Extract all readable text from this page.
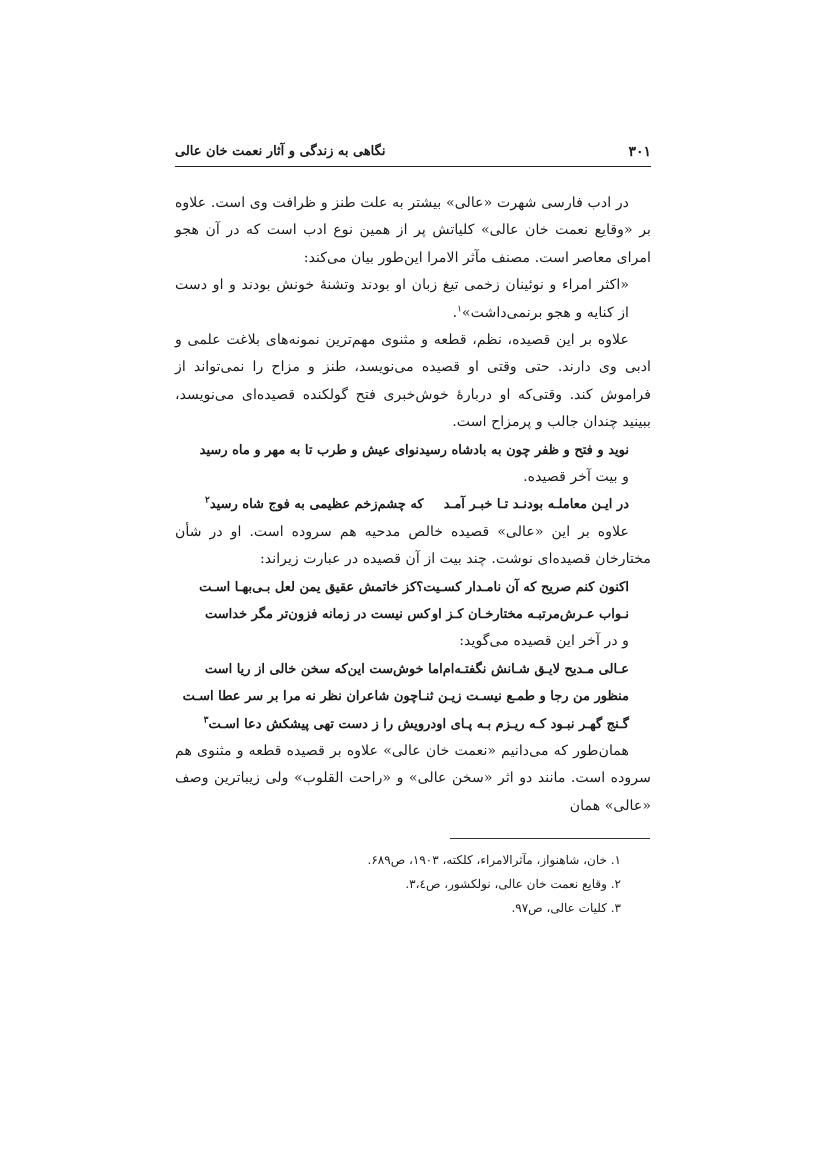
۳۰۱
نگاهی به زندگی و آثار نعمت خان عالی

در ادب فارسی شهرت «عالی» بیشتر به علت طنز و ظرافت وی است. علاوه بر «وقایع نعمت خان عالی» کلیاتش پر از همین نوع ادب است که در آن هجو امرای معاصر است. مصنف مآثر الامرا این‌طور بیان می‌کند:

«اکثر امراء و نوئینان زخمی تیغ زبان او بودند وتشنهٔ خونش بودند و او دست از کنایه و هجو برنمی‌داشت»$^۱$.

علاوه بر این قصیده، نظم، قطعه و مثنوی مهم‌ترین نمونه‌های بلاغت علمی و ادبی وی دارند. حتی وقتی او قصیده می‌نویسد، طنز و مزاح را نمی‌تواند از فراموش کند. وقتی‌که او دربارهٔ خوش‌خبری فتح گولکنده قصیده‌ای می‌نویسد، ببینید چندان جالب و پرمزاح است.

نوید و فتح و ظفر چون به بادشاه رسید
نوای عیش و طرب تا به مهر و ماه رسید

و بیت آخر قصیده.

در ایـن معاملـه بودنـد تـا خبـر آمـد
که چشم‌زخم عظیمی به فوج شاه رسید$^۲$

علاوه بر این «عالی» قصیده خالص مدحیه هم سروده است. او در شأن مختارخان قصیده‌ای نوشت. چند بیت از آن قصیده در عبارت زیراند:

اکنون کنم صریح که آن نامـدار کسـیت؟
کز خاتمش عقیق یمن لعل بـی‌بهـا اسـت
نـواب عـرش‌مرتبـه مختارخـان کـز او
کس نیست در زمانه فزون‌تر مگر خداست

و در آخر این قصیده می‌گوید:

عـالی مـدیح لایـق شـانش نگفتـه‌ام
اما خوش‌ست این‌که سخن خالی از ریا است
منظور من رجا و طمـع نیسـت زیـن ثنـا
چون شاعران نظر نه مرا بر سر عطا اسـت
گـنج گهـر نبـود کـه ریـزم بـه پـای او
درویش را ز دست تهی پیشکش دعا اسـت$^۳$

همان‌طور که می‌دانیم «نعمت خان عالی» علاوه بر قصیده قطعه و مثنوی هم سروده است. مانند دو اثر «سخن عالی» و «راحت القلوب» ولی زیباترین وصف «عالی» همان

۱. خان، شاهنواز، مآثرالامراء، کلکته، ۱۹۰۳، ص۶۸۹.

۲. وقایع نعمت خان عالی، نولکشور، ص۳،٤.

۳. کلیات عالی، ص۹۷.
